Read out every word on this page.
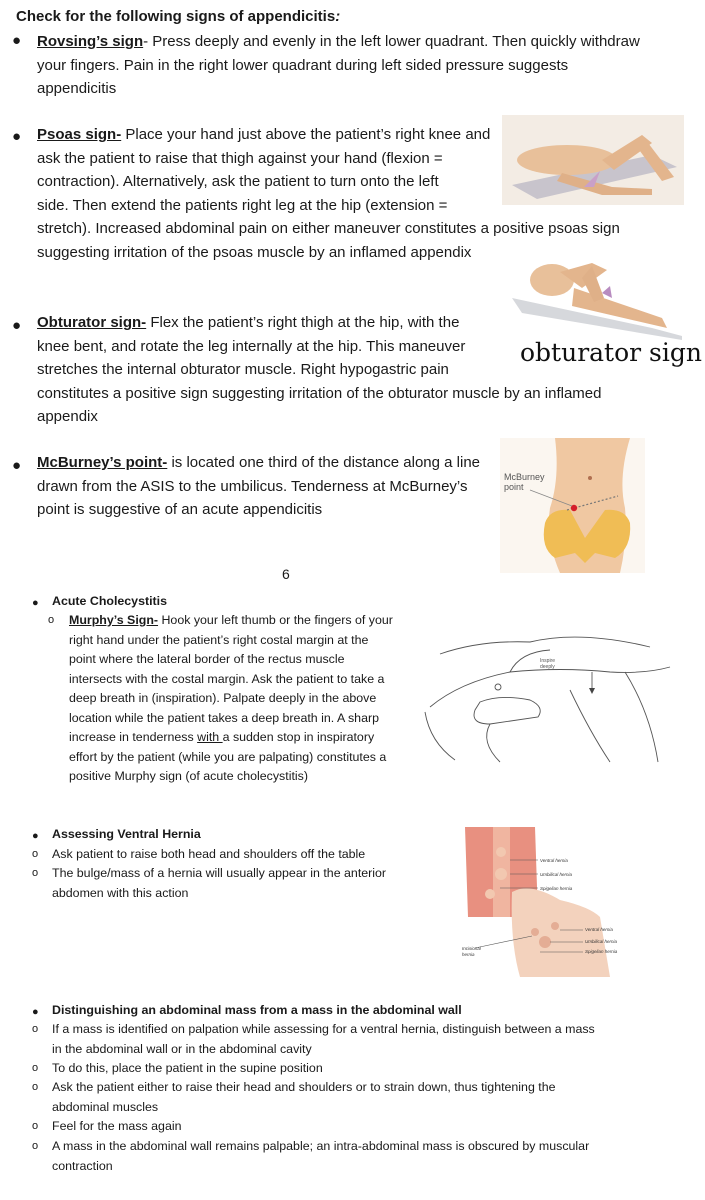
Check for the following signs of appendicitis:
● Rovsing’s sign- Press deeply and evenly in the left lower quadrant. Then quickly withdraw
your fingers. Pain in the right lower quadrant during left sided pressure suggests
appendicitis
● Psoas sign- Place your hand just above the patient’s right knee and
ask the patient to raise that thigh against your hand (flexion =
contraction). Alternatively, ask the patient to turn onto the left
side. Then extend the patients right leg at the hip (extension =
stretch). Increased abdominal pain on either maneuver constitutes a positive psoas sign
suggesting irritation of the psoas muscle by an inflamed appendix
● Obturator sign- Flex the patient’s right thigh at the hip, with the
knee bent, and rotate the leg internally at the hip. This maneuver
stretches the internal obturator muscle. Right hypogastric pain
constitutes a positive sign suggesting irritation of the obturator muscle by an inflamed
appendix
obturator sign
● McBurney’s point- is located one third of the distance along a line
drawn from the ASIS to the umbilicus. Tenderness at McBurney’s
point is suggestive of an acute appendicitis
McBurney
point
6
● Acute Cholecystitis
o Murphy’s Sign- Hook your left thumb or the fingers of your
right hand under the patient’s right costal margin at the
point where the lateral border of the rectus muscle
intersects with the costal margin. Ask the patient to take a
deep breath in (inspiration). Palpate deeply in the above
location while the patient takes a deep breath in. A sharp
increase in tenderness with a sudden stop in inspiratory
effort by the patient (while you are palpating) constitutes a
positive Murphy sign (of acute cholecystitis)
Inspire
deeply
● Assessing Ventral Hernia
o Ask patient to raise both head and shoulders off the table
o The bulge/mass of a hernia will usually appear in the anterior
abdomen with this action
Ventral hernia
Umbilical hernia
Spigelian hernia
Ventral hernia
Umbilical hernia
Spigelian hernia
Incisional
hernia
● Distinguishing an abdominal mass from a mass in the abdominal wall
o If a mass is identified on palpation while assessing for a ventral hernia, distinguish between a mass
in the abdominal wall or in the abdominal cavity
o To do this, place the patient in the supine position
o Ask the patient either to raise their head and shoulders or to strain down, thus tightening the
abdominal muscles
o Feel for the mass again
o A mass in the abdominal wall remains palpable; an intra-abdominal mass is obscured by muscular
contraction
